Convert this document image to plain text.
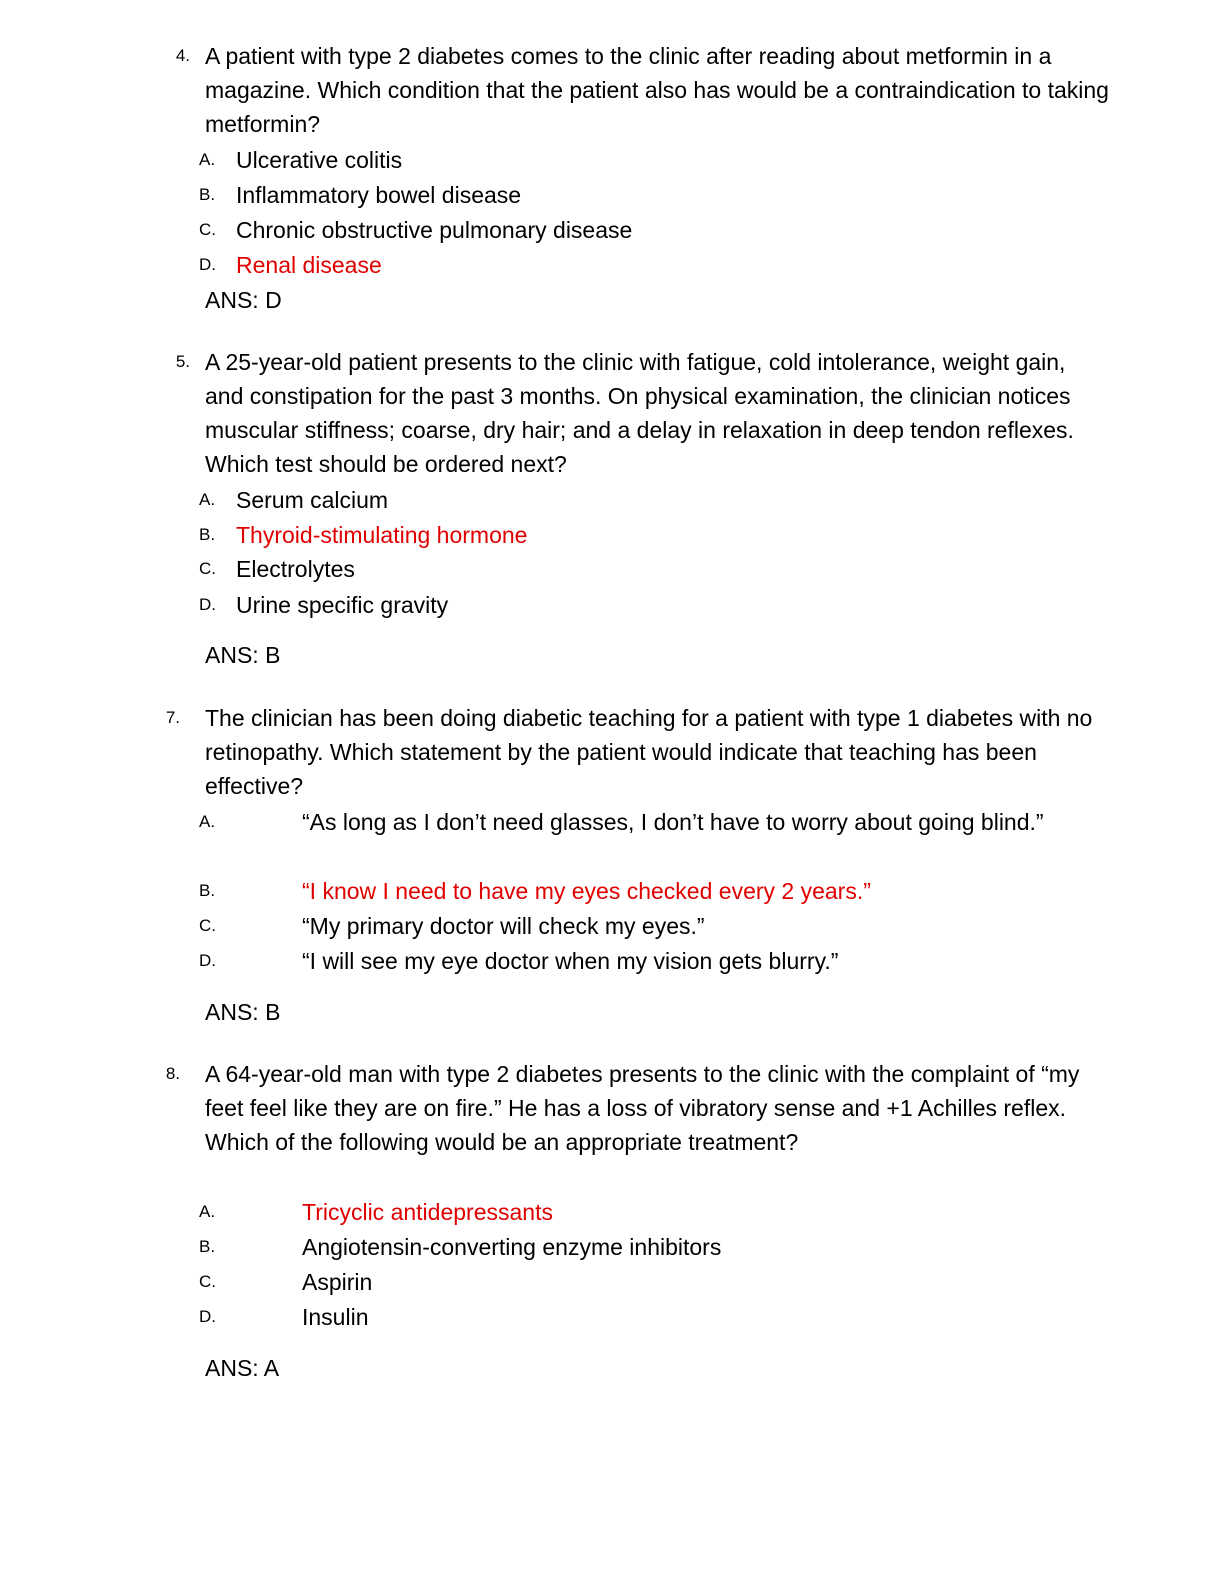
4. A patient with type 2 diabetes comes to the clinic after reading about metformin in a magazine. Which condition that the patient also has would be a contraindication to taking metformin?
A. Ulcerative colitis
B. Inflammatory bowel disease
C. Chronic obstructive pulmonary disease
D. Renal disease
ANS: D
5. A 25-year-old patient presents to the clinic with fatigue, cold intolerance, weight gain, and constipation for the past 3 months. On physical examination, the clinician notices muscular stiffness; coarse, dry hair; and a delay in relaxation in deep tendon reflexes. Which test should be ordered next?
A. Serum calcium
B. Thyroid-stimulating hormone
C. Electrolytes
D. Urine specific gravity
ANS: B
7. The clinician has been doing diabetic teaching for a patient with type 1 diabetes with no retinopathy. Which statement by the patient would indicate that teaching has been effective?
A.	“As long as I don’t need glasses, I don’t have to worry about going blind.”
B.	“I know I need to have my eyes checked every 2 years.”
C.	“My primary doctor will check my eyes.”
D.	“I will see my eye doctor when my vision gets blurry.”
ANS: B
8. A 64-year-old man with type 2 diabetes presents to the clinic with the complaint of “my feet feel like they are on fire.” He has a loss of vibratory sense and +1 Achilles reflex. Which of the following would be an appropriate treatment?
A.	Tricyclic antidepressants
B.	Angiotensin-converting enzyme inhibitors
C.	Aspirin
D.	Insulin
ANS: A
